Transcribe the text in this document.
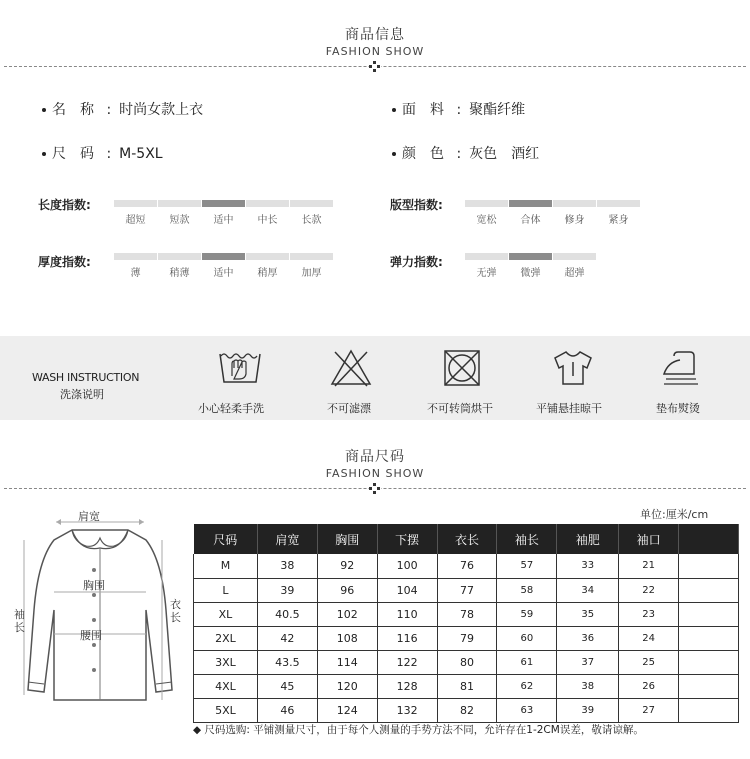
商品信息
FASHION SHOW
名　称 : 时尚女款上衣
尺　码 : M-5XL
面　料 : 聚酯纤维
颜　色 : 灰色　酒红
长度指数:
超短	短款	适中	中长	长款
版型指数:
宽松	合体	修身	紧身
厚度指数:
薄	稍薄	适中	稍厚	加厚
弹力指数:
无弹	微弹	超弹
WASH INSTRUCTION
洗涤说明
小心轻柔手洗	不可滤漂	不可转筒烘干	平铺悬挂晾干	垫布熨烫
商品尺码
FASHION SHOW
肩宽
胸围
腰围
袖长
衣长
单位:厘米/cm
尺码	肩宽	胸围	下摆	衣长	袖长	袖肥	袖口	
M	38	92	100	76	57	33	21	
L	39	96	104	77	58	34	22	
XL	40.5	102	110	78	59	35	23	
2XL	42	108	116	79	60	36	24	
3XL	43.5	114	122	80	61	37	25	
4XL	45	120	128	81	62	38	26	
5XL	46	124	132	82	63	39	27	
◆ 尺码选购: 平铺测量尺寸，由于每个人测量的手势方法不同，允许存在1-2CM误差，敬请谅解。
